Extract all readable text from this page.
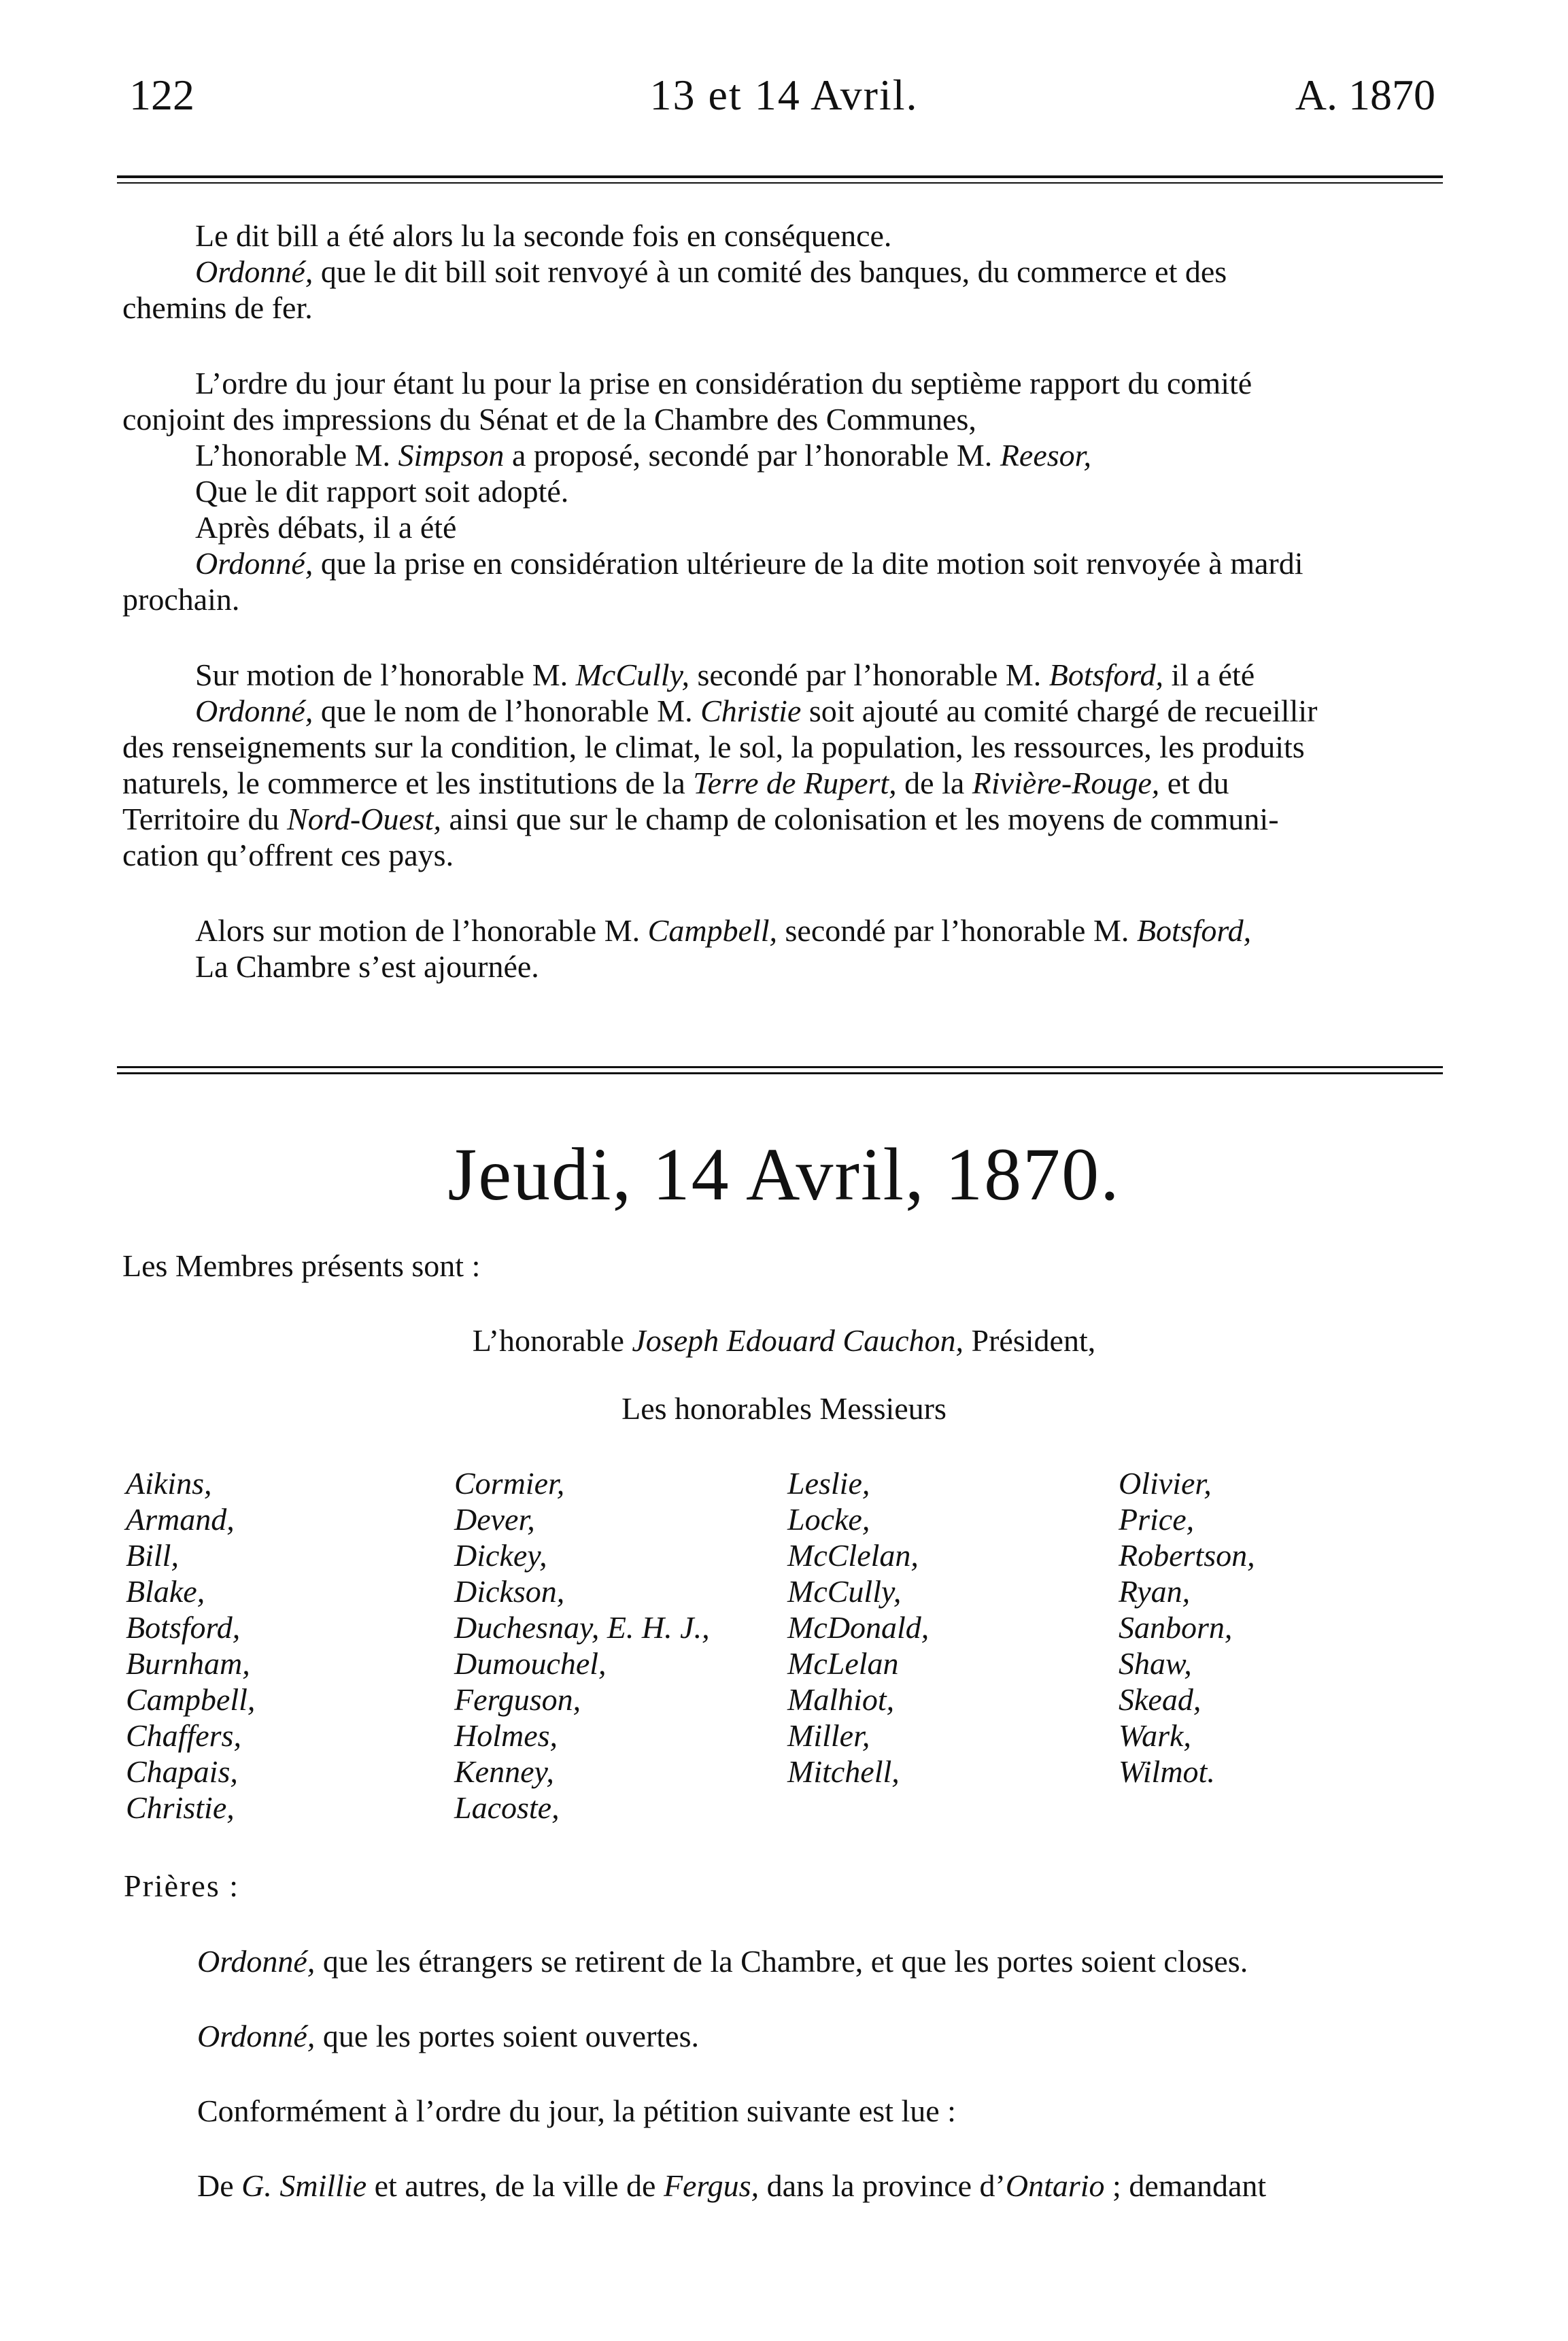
122	13 et 14 Avril.	A. 1870
Le dit bill a été alors lu la seconde fois en conséquence.
Ordonné, que le dit bill soit renvoyé à un comité des banques, du commerce et des
chemins de fer.
L’ordre du jour étant lu pour la prise en considération du septième rapport du comité
conjoint des impressions du Sénat et de la Chambre des Communes,
L’honorable M. Simpson a proposé, secondé par l’honorable M. Reesor,
Que le dit rapport soit adopté.
Après débats, il a été
Ordonné, que la prise en considération ultérieure de la dite motion soit renvoyée à mardi
prochain.
Sur motion de l’honorable M. McCully, secondé par l’honorable M. Botsford, il a été
Ordonné, que le nom de l’honorable M. Christie soit ajouté au comité chargé de recueillir
des renseignements sur la condition, le climat, le sol, la population, les ressources, les produits
naturels, le commerce et les institutions de la Terre de Rupert, de la Rivière-Rouge, et du
Territoire du Nord-Ouest, ainsi que sur le champ de colonisation et les moyens de communi-
cation qu’offrent ces pays.
Alors sur motion de l’honorable M. Campbell, secondé par l’honorable M. Botsford,
La Chambre s’est ajournée.
Jeudi, 14 Avril, 1870.
Les Membres présents sont :
L’honorable Joseph Edouard Cauchon, Président,
Les honorables Messieurs
Aikins,
Armand,
Bill,
Blake,
Botsford,
Burnham,
Campbell,
Chaffers,
Chapais,
Christie,
Cormier,
Dever,
Dickey,
Dickson,
Duchesnay, E. H. J.,
Dumouchel,
Ferguson,
Holmes,
Kenney,
Lacoste,
Leslie,
Locke,
McClelan,
McCully,
McDonald,
McLelan
Malhiot,
Miller,
Mitchell,
Olivier,
Price,
Robertson,
Ryan,
Sanborn,
Shaw,
Skead,
Wark,
Wilmot.
Prières :
Ordonné, que les étrangers se retirent de la Chambre, et que les portes soient closes.
Ordonné, que les portes soient ouvertes.
Conformément à l’ordre du jour, la pétition suivante est lue :
De G. Smillie et autres, de la ville de Fergus, dans la province d’Ontario ; demandant
